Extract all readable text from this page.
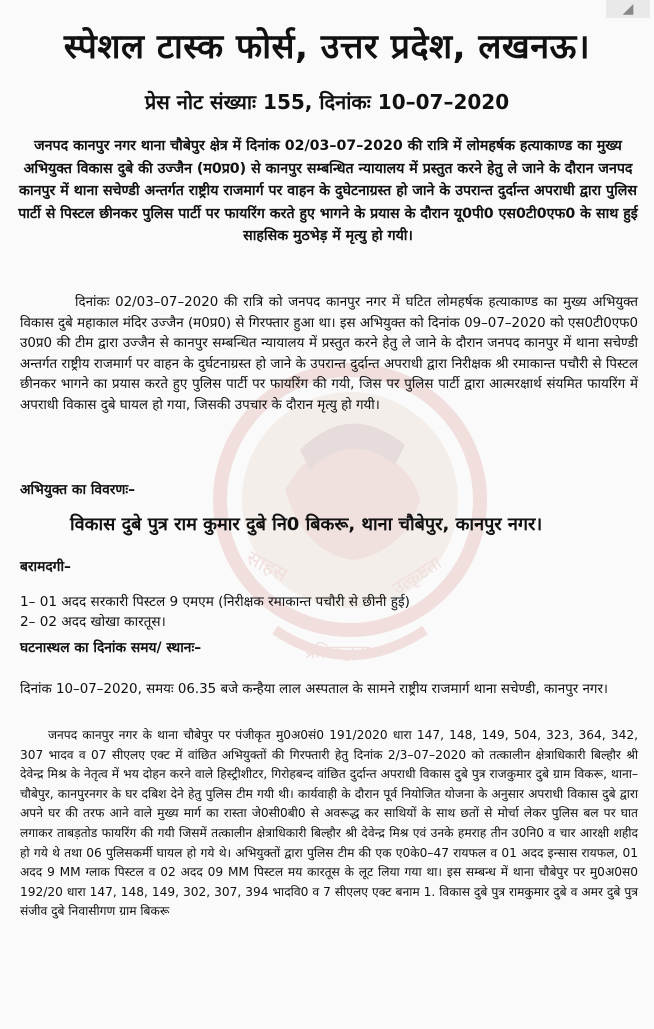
◢
साहस	उत्कृष्टता
प्रतिबद्धता
स्पेशल टास्क फोर्स, उत्तर प्रदेश, लखनऊ।
प्रेस नोट संख्याः 155, दिनांकः 10–07–2020
जनपद कानपुर नगर थाना चौबेपुर क्षेत्र में दिनांक 02/03–07–2020 की रात्रि में लोमहर्षक हत्याकाण्ड का मुख्य अभियुक्त विकास दुबे की उज्जैन (म0प्र0) से कानपुर सम्बन्धित न्यायालय में प्रस्तुत करने हेतु ले जाने के दौरान जनपद कानपुर में थाना सचेण्डी अन्तर्गत राष्ट्रीय राजमार्ग पर वाहन के दुघेटनाग्रस्त हो जाने के उपरान्त दुर्दान्त अपराधी द्वारा पुलिस पार्टी से पिस्टल छीनकर पुलिस पार्टी पर फायरिंग करते हुए भागने के प्रयास के दौरान यू0पी0 एस0टी0एफ0 के साथ हुई साहसिक मुठभेड़ में मृत्यु हो गयी।
दिनांकः 02/03–07–2020 की रात्रि को जनपद कानपुर नगर में घटित लोमहर्षक हत्याकाण्ड का मुख्य अभियुक्त विकास दुबे महाकाल मंदिर उज्जैन (म0प्र0) से गिरफ्तार हुआ था। इस अभियुक्त को दिनांक 09–07–2020 को एस0टी0एफ0 उ0प्र0 की टीम द्वारा उज्जैन से कानपुर सम्बन्धित न्यायालय में प्रस्तुत करने हेतु ले जाने के दौरान जनपद कानपुर में थाना सचेण्डी अन्तर्गत राष्ट्रीय राजमार्ग पर वाहन के दुर्घटनाग्रस्त हो जाने के उपरान्त दुर्दान्त अपराधी द्वारा निरीक्षक श्री रमाकान्त पचौरी से पिस्टल छीनकर भागने का प्रयास करते हुए पुलिस पार्टी पर फायरिंग की गयी, जिस पर पुलिस पार्टी द्वारा आत्मरक्षार्थ संयमित फायरिंग में अपराधी विकास दुबे घायल हो गया, जिसकी उपचार के दौरान मृत्यु हो गयी।
अभियुक्त का विवरणः–
विकास दुबे पुत्र राम कुमार दुबे नि0 बिकरू, थाना चौबेपुर, कानपुर नगर।
बरामदगी–
1– 01 अदद सरकारी पिस्टल 9 एमएम (निरीक्षक रमाकान्त पचौरी से छीनी हुई)
2– 02 अदद खोखा कारतूस।
घटनास्थल का दिनांक समय/ स्थानः–
दिनांक 10–07–2020, समयः 06.35 बजे कन्हैया लाल अस्पताल के सामने राष्ट्रीय राजमार्ग थाना सचेण्डी, कानपुर नगर।
जनपद कानपुर नगर के थाना चौबेपुर पर पंजीकृत मु0अ0सं0 191/2020 धारा 147, 148, 149, 504, 323, 364, 342, 307 भादव व 07 सीएलए एक्ट में वांछित अभियुक्तों की गिरफ्तारी हेतु दिनांक 2/3–07–2020 को तत्कालीन क्षेत्राधिकारी बिल्हौर श्री देवेन्द्र मिश्र के नेतृत्व में भय दोहन करने वाले हिस्ट्रीशीटर, गिरोहबन्द वांछित दुर्दान्त अपराधी विकास दुबे पुत्र राजकुमार दुबे ग्राम विकरू, थाना–चौबेपुर, कानपुरनगर के घर दबिश देने हेतु पुलिस टीम गयी थी। कार्यवाही के दौरान पूर्व नियोजित योजना के अनुसार अपराधी विकास दुबे द्वारा अपने घर की तरफ आने वाले मुख्य मार्ग का रास्ता जे0सी0बी0 से अवरूद्ध कर साथियों के साथ छतों से मोर्चा लेकर पुलिस बल पर घात लगाकर ताबड़तोड फायरिंग की गयी जिसमें तत्कालीन क्षेत्राधिकारी बिल्हौर श्री देवेन्द्र मिश्र एवं उनके हमराह तीन उ0नि0 व चार आरक्षी शहीद हो गये थे तथा 06 पुलिसकर्मी घायल हो गये थे। अभियुक्तों द्वारा पुलिस टीम की एक ए0के0–47 रायफल व 01 अदद इन्सास रायफल, 01 अदद 9 MM ग्लाक पिस्टल व 02 अदद 09 MM पिस्टल मय कारतूस के लूट लिया गया था। इस सम्बन्ध में थाना चौबेपुर पर मु0अ0स0 192/20 धारा 147, 148, 149, 302, 307, 394 भादवि0 व 7 सीएलए एक्ट बनाम 1. विकास दुबे पुत्र रामकुमार दुबे व अमर दुबे पुत्र संजीव दुबे निवासीगण ग्राम बिकरू
